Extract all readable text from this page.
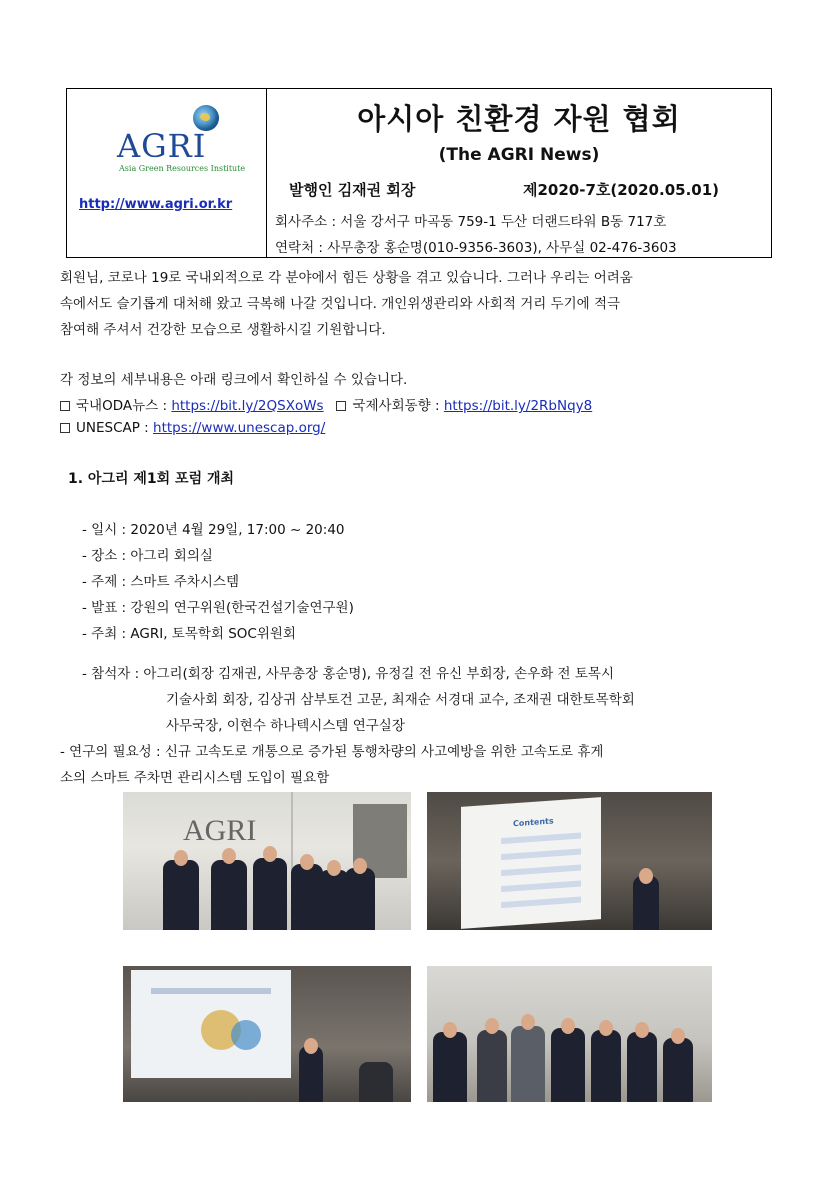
AGRI
Asia Green Resources Institute
http://www.agri.or.kr
아시아 친환경 자원 협회
(The AGRI News)
발행인 김재권 회장	제2020-7호(2020.05.01)
회사주소 : 서울 강서구 마곡동 759-1 두산 더랜드타워 B동 717호
연락처 : 사무총장 홍순명(010-9356-3603), 사무실 02-476-3603
회원님, 코로나 19로 국내외적으로 각 분야에서 힘든 상황을 겪고 있습니다. 그러나 우리는 어려움
속에서도 슬기롭게 대처해 왔고 극복해 나갈 것입니다. 개인위생관리와 사회적 거리 두기에 적극
참여해 주셔서 건강한 모습으로 생활하시길 기원합니다.
각 정보의 세부내용은 아래 링크에서 확인하실 수 있습니다.
국내ODA뉴스 : https://bit.ly/2QSXoWs 국제사회동향 : https://bit.ly/2RbNqy8
UNESCAP : https://www.unescap.org/
1. 아그리 제1회 포럼 개최
- 일시 : 2020년 4월 29일, 17:00 ~ 20:40
- 장소 : 아그리 회의실
- 주제 : 스마트 주차시스템
- 발표 : 강원의 연구위원(한국건설기술연구원)
- 주최 : AGRI, 토목학회 SOC위원회
- 참석자 : 아그리(회장 김재권, 사무총장 홍순명), 유정길 전 유신 부회장, 손우화 전 토목시
기술사회 회장, 김상귀 삼부토건 고문, 최재순 서경대 교수, 조재권 대한토목학회
사무국장, 이현수 하나텍시스템 연구실장
- 연구의 필요성 : 신규 고속도로 개통으로 증가된 통행차량의 사고예방을 위한 고속도로 휴게
소의 스마트 주차면 관리시스템 도입이 필요함
AGRI	Contents
